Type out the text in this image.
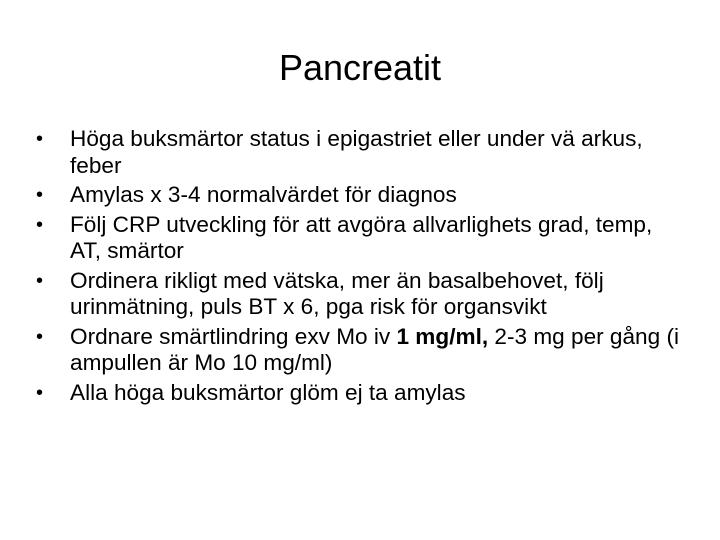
Pancreatit
•	Höga buksmärtor status i epigastriet eller under vä arkus, feber
•	Amylas x 3-4 normalvärdet för diagnos
•	Följ CRP utveckling för att avgöra allvarlighets grad, temp, AT, smärtor
•	Ordinera rikligt med vätska, mer än basalbehovet, följ urinmätning, puls BT x 6, pga risk för organsvikt
•	Ordnare smärtlindring exv Mo iv 1 mg/ml, 2-3 mg per gång (i ampullen är Mo 10 mg/ml)
•	Alla höga buksmärtor glöm ej ta amylas
